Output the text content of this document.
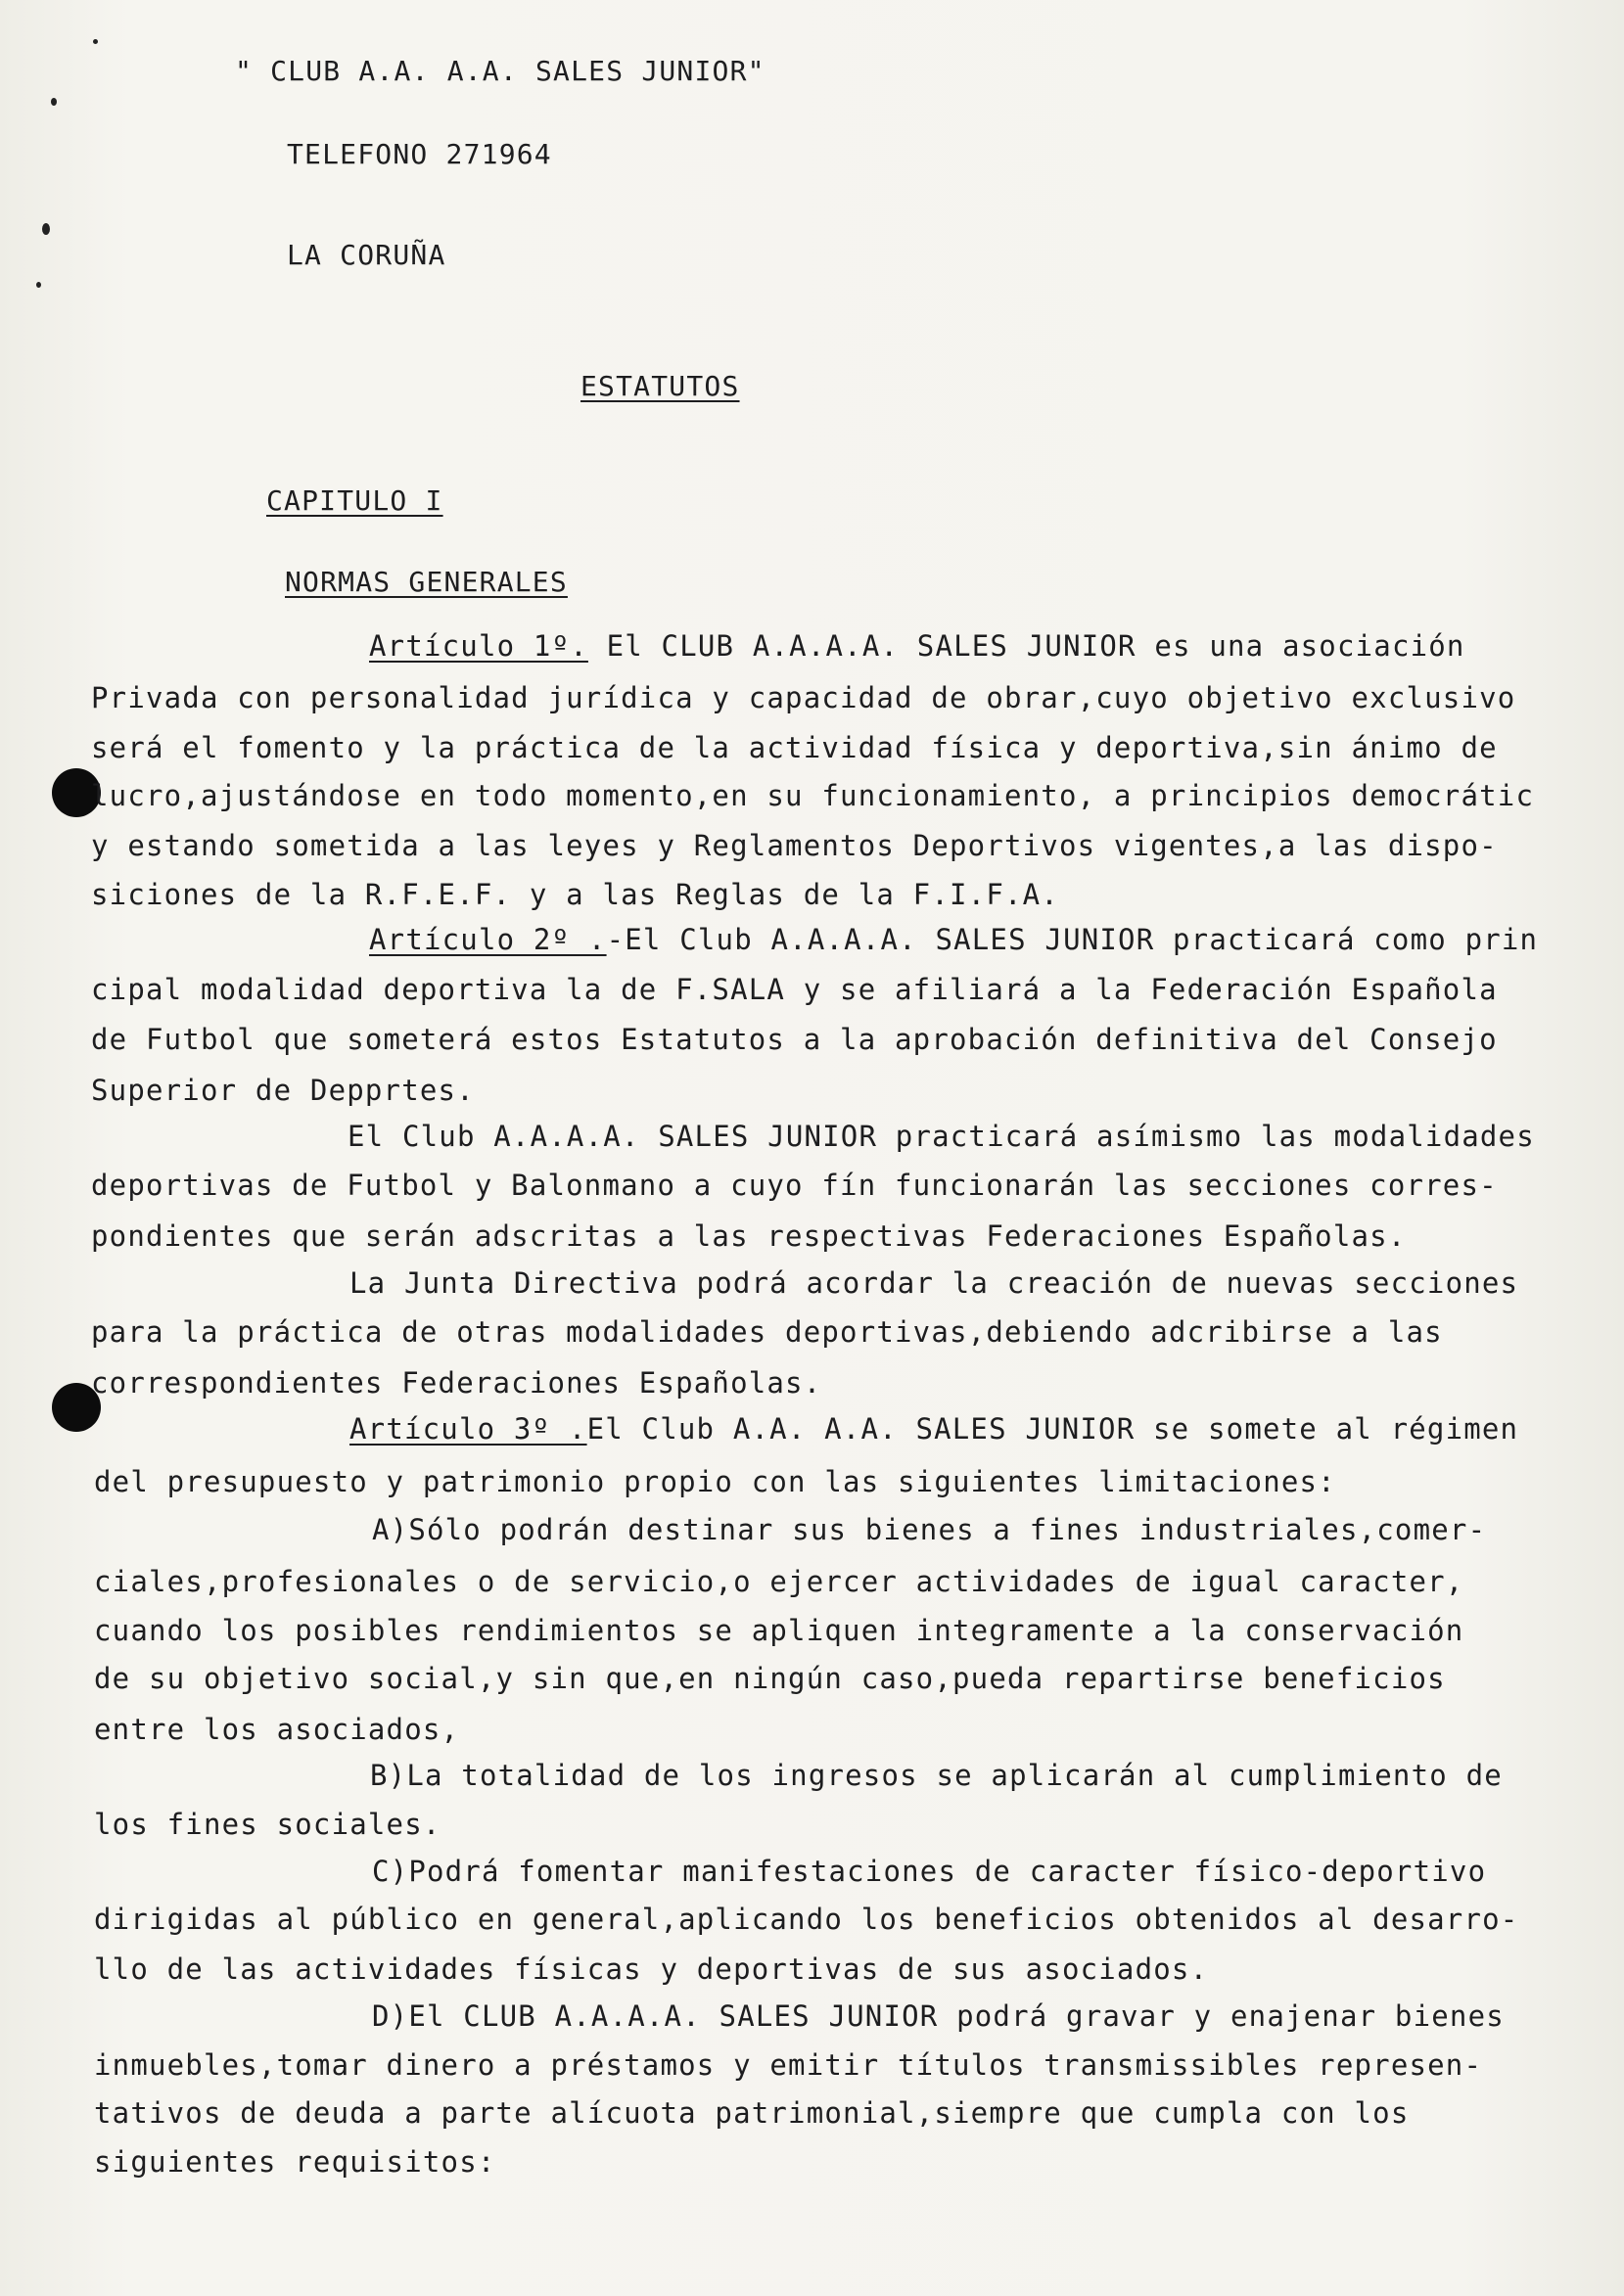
" CLUB A.A. A.A. SALES JUNIOR"
TELEFONO 271964
LA CORUÑA
ESTATUTOS
CAPITULO I
NORMAS GENERALES
Artículo 1º. El CLUB A.A.A.A. SALES JUNIOR es una asociación
Privada con personalidad jurídica y capacidad de obrar,cuyo objetivo exclusivo
será el fomento y la práctica de la actividad física y deportiva,sin ánimo de
lucro,ajustándose en todo momento,en su funcionamiento, a principios democrátic
y estando sometida a las leyes y Reglamentos Deportivos vigentes,a las dispo-
siciones de la R.F.E.F. y a las Reglas de la F.I.F.A.
Artículo 2º .-El Club A.A.A.A. SALES JUNIOR practicará como prin
cipal modalidad deportiva la de F.SALA y se afiliará a la Federación Española
de Futbol que someterá estos Estatutos a la aprobación definitiva del Consejo
Superior de Depprtes.
El Club A.A.A.A. SALES JUNIOR practicará asímismo las modalidades
deportivas de Futbol y Balonmano a cuyo fín funcionarán las secciones corres-
pondientes que serán adscritas a las respectivas Federaciones Españolas.
La Junta Directiva podrá acordar la creación de nuevas secciones
para la práctica de otras modalidades deportivas,debiendo adcribirse a las
correspondientes Federaciones Españolas.
Artículo 3º .El Club A.A. A.A. SALES JUNIOR se somete al régimen
del presupuesto y patrimonio propio con las siguientes limitaciones:
A)Sólo podrán destinar sus bienes a fines industriales,comer-
ciales,profesionales o de servicio,o ejercer actividades de igual caracter,
cuando los posibles rendimientos se apliquen integramente a la conservación
de su objetivo social,y sin que,en ningún caso,pueda repartirse beneficios
entre los asociados,
B)La totalidad de los ingresos se aplicarán al cumplimiento de
los fines sociales.
C)Podrá fomentar manifestaciones de caracter físico-deportivo
dirigidas al público en general,aplicando los beneficios obtenidos al desarro-
llo de las actividades físicas y deportivas de sus asociados.
D)El CLUB A.A.A.A. SALES JUNIOR podrá gravar y enajenar bienes
inmuebles,tomar dinero a préstamos y emitir títulos transmissibles represen-
tativos de deuda a parte alícuota patrimonial,siempre que cumpla con los
siguientes requisitos:
